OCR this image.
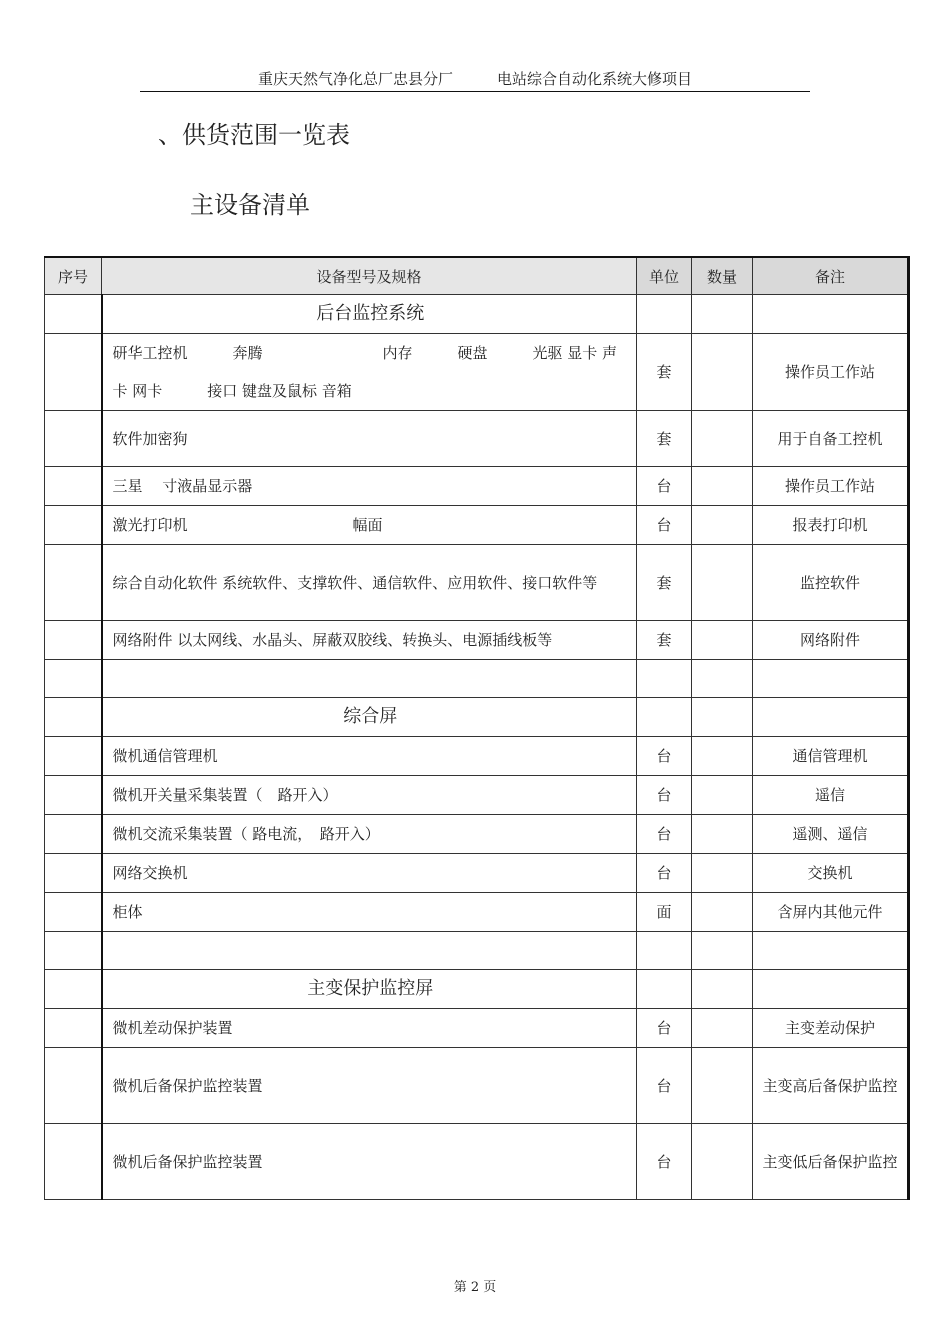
重庆天然气净化总厂忠县分厂	电站综合自动化系统大修项目
、供货范围一览表
主设备清单
序号	设备型号及规格	单位	数量	备注
	后台监控系统			
	研华工控机　　　奔腾　　　　　　　　内存　　　硬盘　　　光驱 显卡 声卡 网卡　　　接口 键盘及鼠标 音箱	套		操作员工作站
	软件加密狗	套		用于自备工控机
	三星　 寸液晶显示器	台		操作员工作站
	激光打印机　　　　　　　　　　　幅面	台		报表打印机
	综合自动化软件 系统软件、支撑软件、通信软件、应用软件、接口软件等	套		监控软件
	网络附件 以太网线、水晶头、屏蔽双胶线、转换头、电源插线板等	套		网络附件

	综合屏			
	微机通信管理机	台		通信管理机
	微机开关量采集装置（　路开入）	台		遥信
	微机交流采集装置（ 路电流，　路开入）	台		遥测、遥信
	网络交换机	台		交换机
	柜体	面		含屏内其他元件

	主变保护监控屏			
	微机差动保护装置	台		主变差动保护
	微机后备保护监控装置	台		主变高后备保护监控
	微机后备保护监控装置	台		主变低后备保护监控
第 2 页
